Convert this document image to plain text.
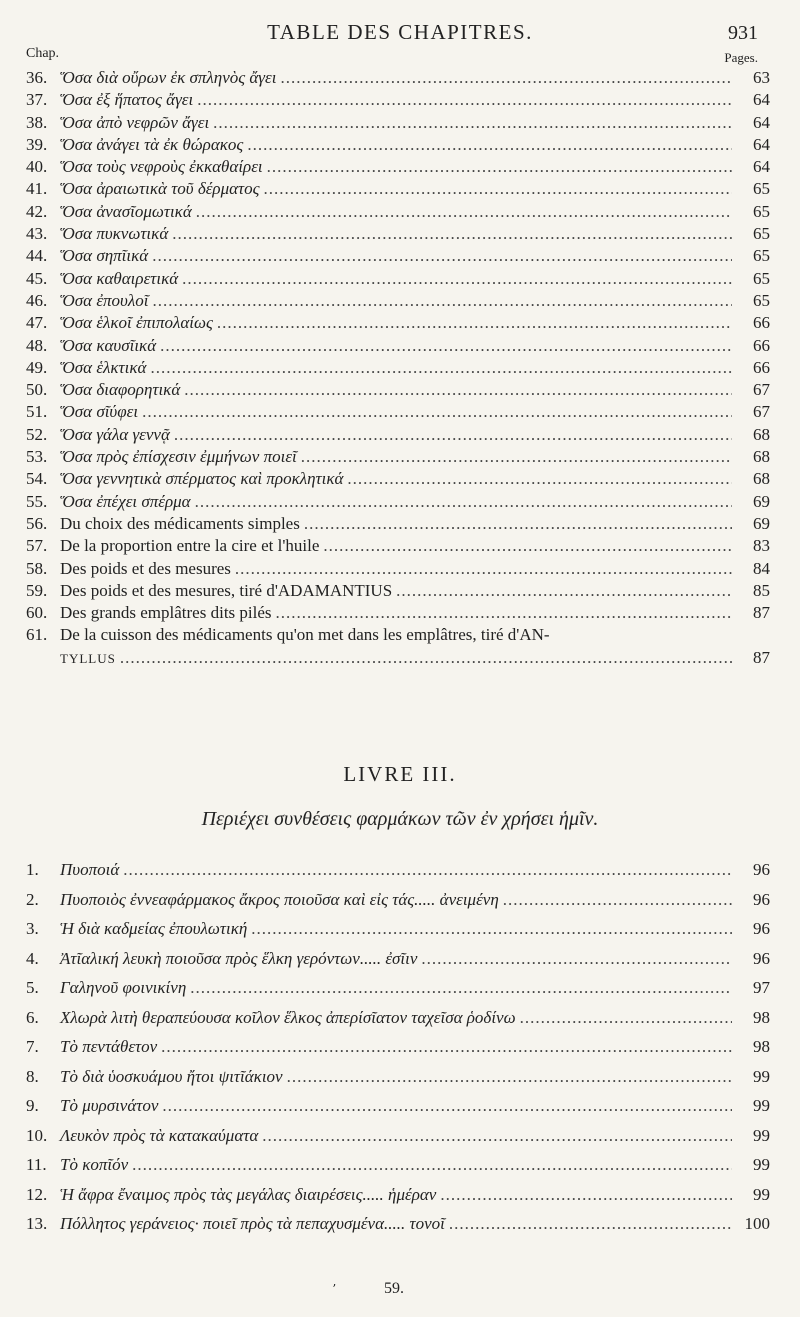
TABLE DES CHAPITRES.	931
Chap.	Pages.
36. Ὅσα διὰ οὔρων ἐκ σπληνὸς ἄγει .....	63
37. Ὅσα ἐξ ἥπατος ἄγει .....	64
38. Ὅσα ἀπὸ νεφρῶν ἄγει .....	64
39. Ὅσα ἀνάγει τὰ ἐκ θώρακος .....	64
40. Ὅσα τοὺς νεφροὺς ἐκκαθαίρει .....	64
41. Ὅσα ἀραιωτικὰ τοῦ δέρματος .....	65
42. Ὅσα ἀνασῖομωτικά .....	65
43. Ὅσα πυκνωτικά .....	65
44. Ὅσα σηπῖικά .....	65
45. Ὅσα καθαιρετικά .....	65
46. Ὅσα ἐπουλοῖ .....	65
47. Ὅσα ἑλκοῖ ἐπιπολαίως .....	66
48. Ὅσα καυσῖικά .....	66
49. Ὅσα ἑλκτικά .....	66
50. Ὅσα διαφορητικά .....	67
51. Ὅσα σῖύφει .....	67
52. Ὅσα γάλα γεννᾷ .....	68
53. Ὅσα πρὸς ἐπίσχεσιν ἐμμήνων ποιεῖ .....	68
54. Ὅσα γεννητικὰ σπέρματος καὶ προκλητικά .....	68
55. Ὅσα ἐπέχει σπέρμα .....	69
56. Du choix des médicaments simples .....	69
57. De la proportion entre la cire et l'huile .....	83
58. Des poids et des mesures .....	84
59. Des poids et des mesures, tiré d'ADAMANTIUS .....	85
60. Des grands emplâtres dits pilés .....	87
61. De la cuisson des médicaments qu'on met dans les emplâtres, tiré d'AN-
TYLLUS .....	87
LIVRE III.
Περιέχει συνθέσεις φαρμάκων τῶν ἐν χρήσει ἡμῖν.
1.	Πυοποιά .....	96
2.	Πυοποιὸς ἐννεαφάρμακος ἄκρος ποιοῦσα καὶ εἰς τάς..... ἀνειμένη .....	96
3.	Ἡ διὰ καδμείας ἐπουλωτική .....	96
4.	Ἀτῖαλική λευκὴ ποιοῦσα πρὸς ἕλκη γερόντων..... ἐσῖιν .....	96
5.	Γαληνοῦ φοινικίνη .....	97
6.	Χλωρὰ λιτὴ θεραπεύουσα κοῖλον ἕλκος ἀπερίσῖατον ταχεῖσα ῥοδίνω .....	98
7.	Τὸ πεντάθετον .....	98
8.	Τὸ διὰ ὑοσκυάμου ἤτοι ψιτῖάκιον .....	99
9.	Τὸ μυρσινάτον .....	99
10. Λευκὸν πρὸς τὰ κατακαύματα .....	99
11. Τὸ κοπῖόν .....	99
12. Ἡ ἄφρα ἔναιμος πρὸς τὰς μεγάλας διαιρέσεις..... ἡμέραν .....	99
13. Πόλλητος γεράνειος· ποιεῖ πρὸς τὰ πεπαχυσμένα..... τονοῖ .....	100
59.
ʼ
